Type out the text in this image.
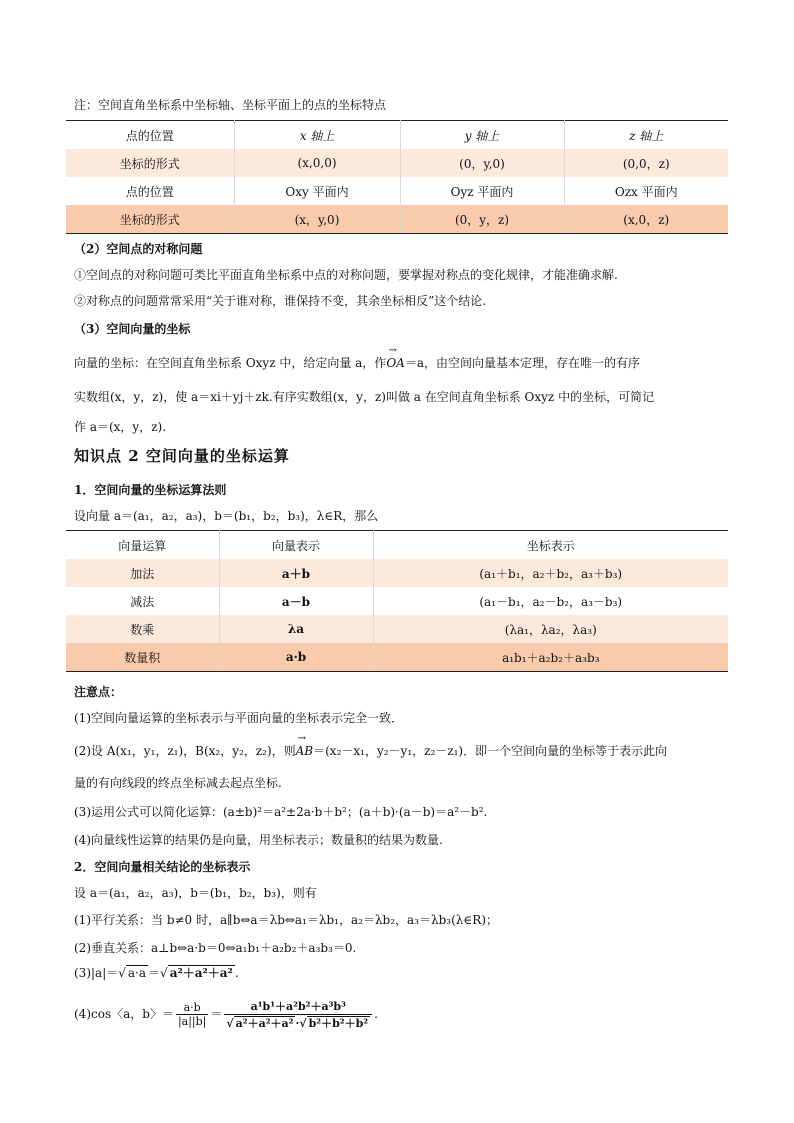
注：空间直角坐标系中坐标轴、坐标平面上的点的坐标特点
点的位置	x 轴上	y 轴上	z 轴上
坐标的形式	(x,0,0)	(0，y,0)	(0,0，z)
点的位置	Oxy 平面内	Oyz 平面内	Ozx 平面内
坐标的形式	(x，y,0)	(0，y，z)	(x,0，z)
（2）空间点的对称问题
①空间点的对称问题可类比平面直角坐标系中点的对称问题，要掌握对称点的变化规律，才能准确求解.
②对称点的问题常常采用“关于谁对称，谁保持不变，其余坐标相反”这个结论.
（3）空间向量的坐标
向量的坐标：在空间直角坐标系 Oxyz 中，给定向量 a，作→ OA＝a，由空间向量基本定理，存在唯一的有序
实数组(x，y，z)，使 a＝xi＋yj＋zk.有序实数组(x，y，z)叫做 a 在空间直角坐标系 Oxyz 中的坐标，可简记
作 a＝(x，y，z).
知识点 2 空间向量的坐标运算
1．空间向量的坐标运算法则
设向量 a＝(a₁，a₂，a₃)，b＝(b₁，b₂，b₃)，λ∈R，那么
向量运算	向量表示	坐标表示
加法	a＋b	(a₁＋b₁，a₂＋b₂，a₃＋b₃)
减法	a－b	(a₁－b₁，a₂－b₂，a₃－b₃)
数乘	λa	(λa₁，λa₂，λa₃)
数量积	a·b	a₁b₁＋a₂b₂＋a₃b₃
注意点：
(1)空间向量运算的坐标表示与平面向量的坐标表示完全一致．
(2)设 A(x₁，y₁，z₁)，B(x₂，y₂，z₂)，则→ AB＝(x₂－x₁，y₂－y₁，z₂－z₁)．即一个空间向量的坐标等于表示此向
量的有向线段的终点坐标减去起点坐标.
(3)运用公式可以简化运算：(a±b)²＝a²±2a·b＋b²；(a＋b)·(a－b)＝a²－b².
(4)向量线性运算的结果仍是向量，用坐标表示；数量积的结果为数量.
2．空间向量相关结论的坐标表示
设 a＝(a₁，a₂，a₃)，b＝(b₁，b₂，b₃)，则有
(1)平行关系：当 b≠0 时，a∥b⇔a＝λb⇔a₁＝λb₁，a₂＝λb₂，a₃＝λb₃(λ∈R)；
(2)垂直关系：a⊥b⇔a·b＝0⇔a₁b₁＋a₂b₂＋a₃b₃＝0.
(3)|a|＝√ a·a ＝√ a²＋a²＋a² .
(4)cos〈a，b〉＝ $\frac{a\cdot b}{|a||b|} = \frac{\text{a¹b¹＋a²b²＋a³b³}}{\text{√ a²＋a²＋a² ·√ b²＋b²＋b²}}$ .
